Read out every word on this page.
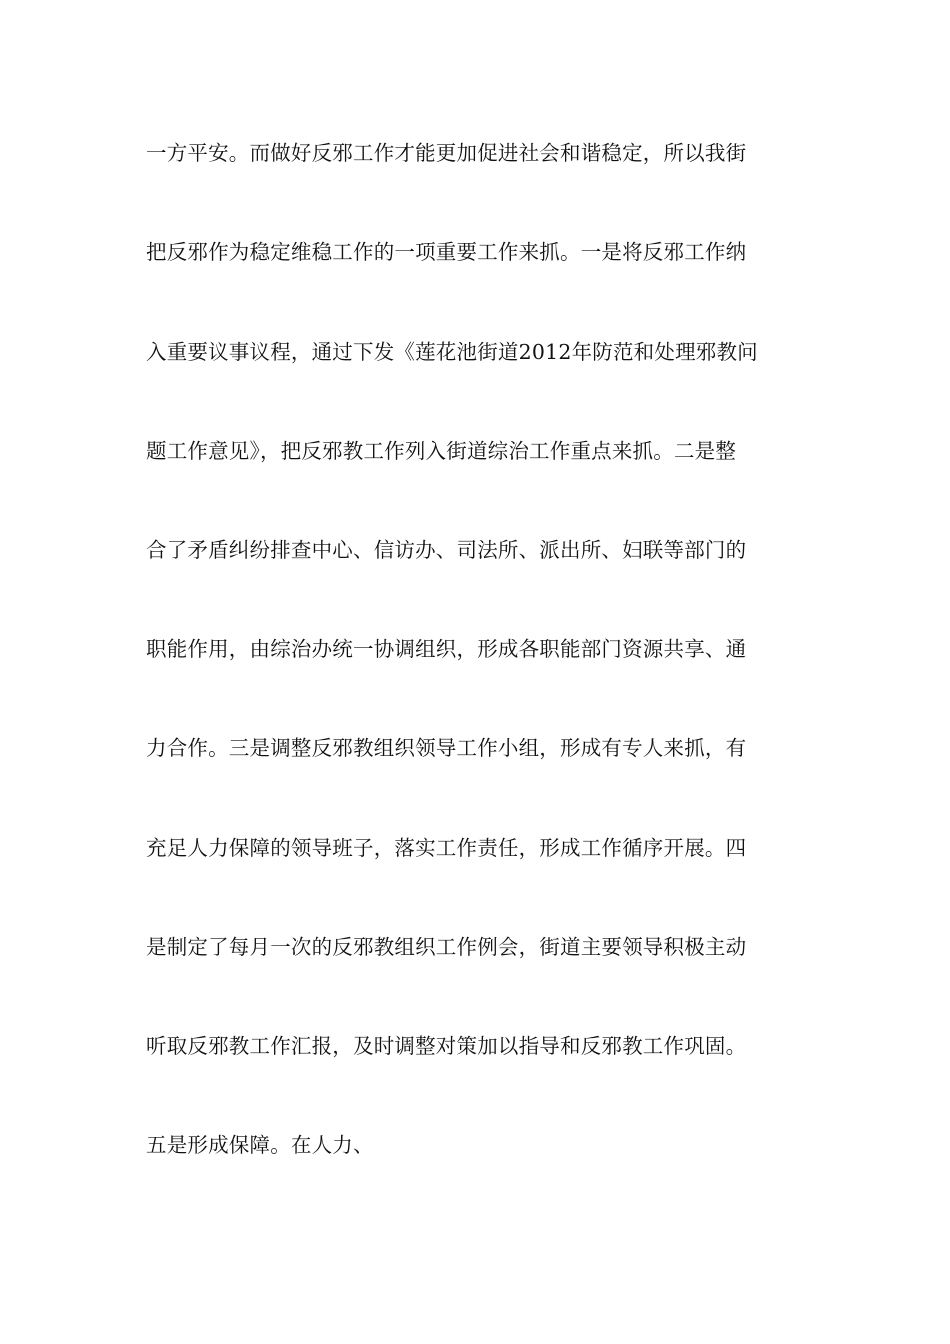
一方平安。而做好反邪工作才能更加促进社会和谐稳定，所以我街
把反邪作为稳定维稳工作的一项重要工作来抓。一是将反邪工作纳
入重要议事议程，通过下发《莲花池街道2012年防范和处理邪教问
题工作意见》，把反邪教工作列入街道综治工作重点来抓。二是整
合了矛盾纠纷排查中心、信访办、司法所、派出所、妇联等部门的
职能作用，由综治办统一协调组织，形成各职能部门资源共享、通
力合作。三是调整反邪教组织领导工作小组，形成有专人来抓，有
充足人力保障的领导班子，落实工作责任，形成工作循序开展。四
是制定了每月一次的反邪教组织工作例会，街道主要领导积极主动
听取反邪教工作汇报，及时调整对策加以指导和反邪教工作巩固。
五是形成保障。在人力、
